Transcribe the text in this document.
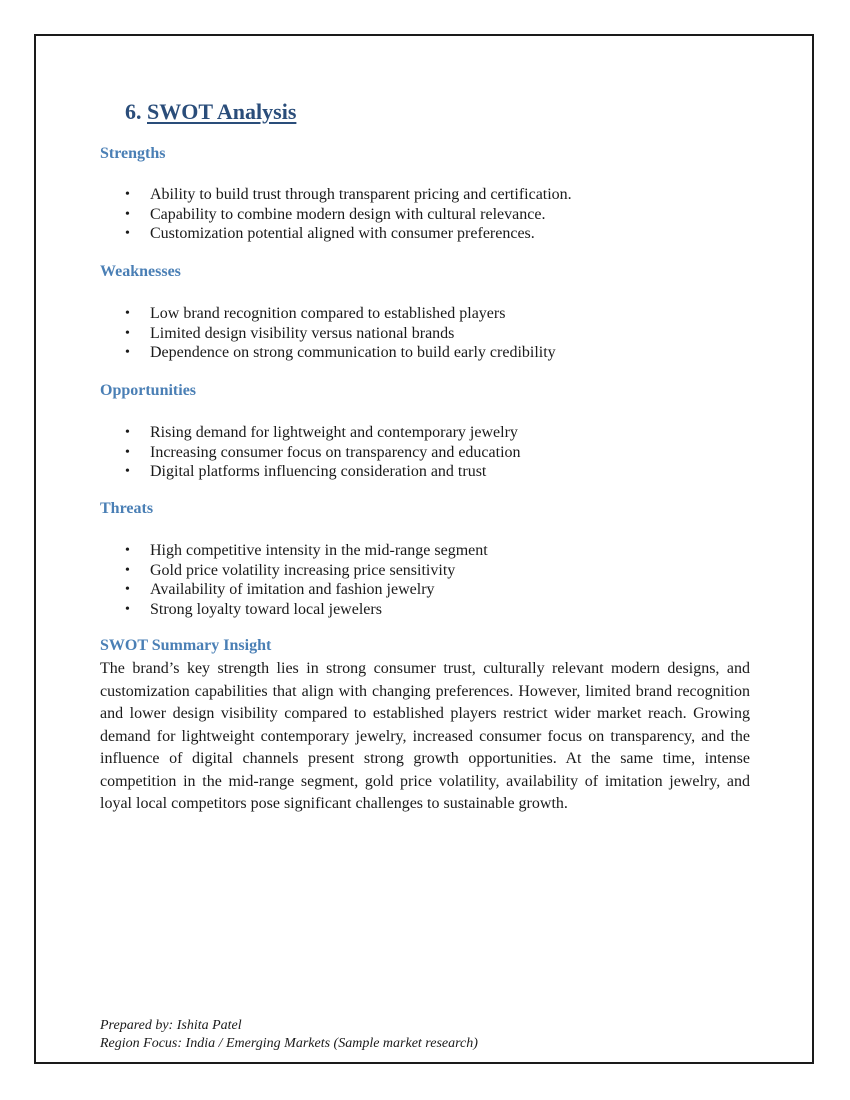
6. SWOT Analysis
Strengths
• Ability to build trust through transparent pricing and certification.
• Capability to combine modern design with cultural relevance.
• Customization potential aligned with consumer preferences.
Weaknesses
• Low brand recognition compared to established players
• Limited design visibility versus national brands
• Dependence on strong communication to build early credibility
Opportunities
• Rising demand for lightweight and contemporary jewelry
• Increasing consumer focus on transparency and education
• Digital platforms influencing consideration and trust
Threats
• High competitive intensity in the mid-range segment
• Gold price volatility increasing price sensitivity
• Availability of imitation and fashion jewelry
• Strong loyalty toward local jewelers
SWOT Summary Insight

The brand’s key strength lies in strong consumer trust, culturally relevant modern designs, and customization capabilities that align with changing preferences. However, limited brand recognition and lower design visibility compared to established players restrict wider market reach. Growing demand for lightweight contemporary jewelry, increased consumer focus on transparency, and the influence of digital channels present strong growth opportunities. At the same time, intense competition in the mid-range segment, gold price volatility, availability of imitation jewelry, and loyal local competitors pose significant challenges to sustainable growth.

Prepared by: Ishita Patel
Region Focus: India / Emerging Markets (Sample market research)
